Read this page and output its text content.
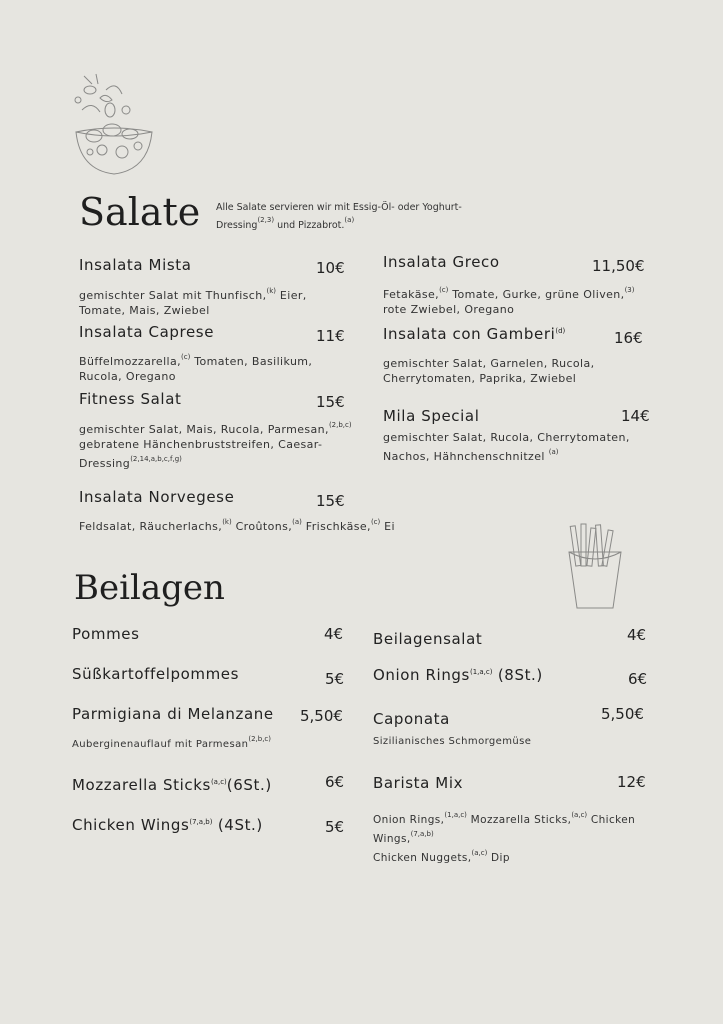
Salate Alle Salate servieren wir mit Essig-Öl- oder Yoghurt-
Dressing$^{(2,3)}$ und Pizzabrot.$^{(a)}$
Insalata Mista	10€
gemischter Salat mit Thunfisch,$^{(k)}$ Eier, Tomate, Mais, Zwiebel
Insalata Caprese	11€
Büffelmozzarella,$^{(c)}$ Tomaten, Basilikum, Rucola, Oregano
Fitness Salat	15€
gemischter Salat, Mais, Rucola, Parmesan,$^{(2,b,c)}$ gebratene Hänchenbruststreifen, Caesar-Dressing$^{(2,14,a,b,c,f,g)}$
Insalata Norvegese	15€
Feldsalat, Räucherlachs,$^{(k)}$ Croûtons,$^{(a)}$ Frischkäse,$^{(c)}$ Ei
Insalata Greco	11,50€
Fetakäse,$^{(c)}$ Tomate, Gurke, grüne Oliven,$^{(3)}$ rote Zwiebel, Oregano
Insalata con Gamberi$^{(d)}$	16€
gemischter Salat, Garnelen, Rucola, Cherrytomaten, Paprika, Zwiebel
Mila Special	14€
gemischter Salat, Rucola, Cherrytomaten, Nachos, Hähnchenschnitzel $^{(a)}$
Beilagen
Pommes	4€
Süßkartoffelpommes	5€
Parmigiana di Melanzane 5,50€
Auberginenauflauf mit Parmesan$^{(2,b,c)}$
Mozzarella Sticks$^{(a,c)}$(6St.)	6€
Chicken Wings$^{(7,a,b)}$ (4St.)	5€
Beilagensalat	4€
Onion Rings$^{(1,a,c)}$ (8St.)	6€
Caponata	5,50€
Sizilianisches Schmorgemüse
Barista Mix	12€
Onion Rings,$^{(1,a,c)}$ Mozzarella Sticks,$^{(a,c)}$ Chicken Wings,$^{(7,a,b)}$
Chicken Nuggets,$^{(a,c)}$ Dip
